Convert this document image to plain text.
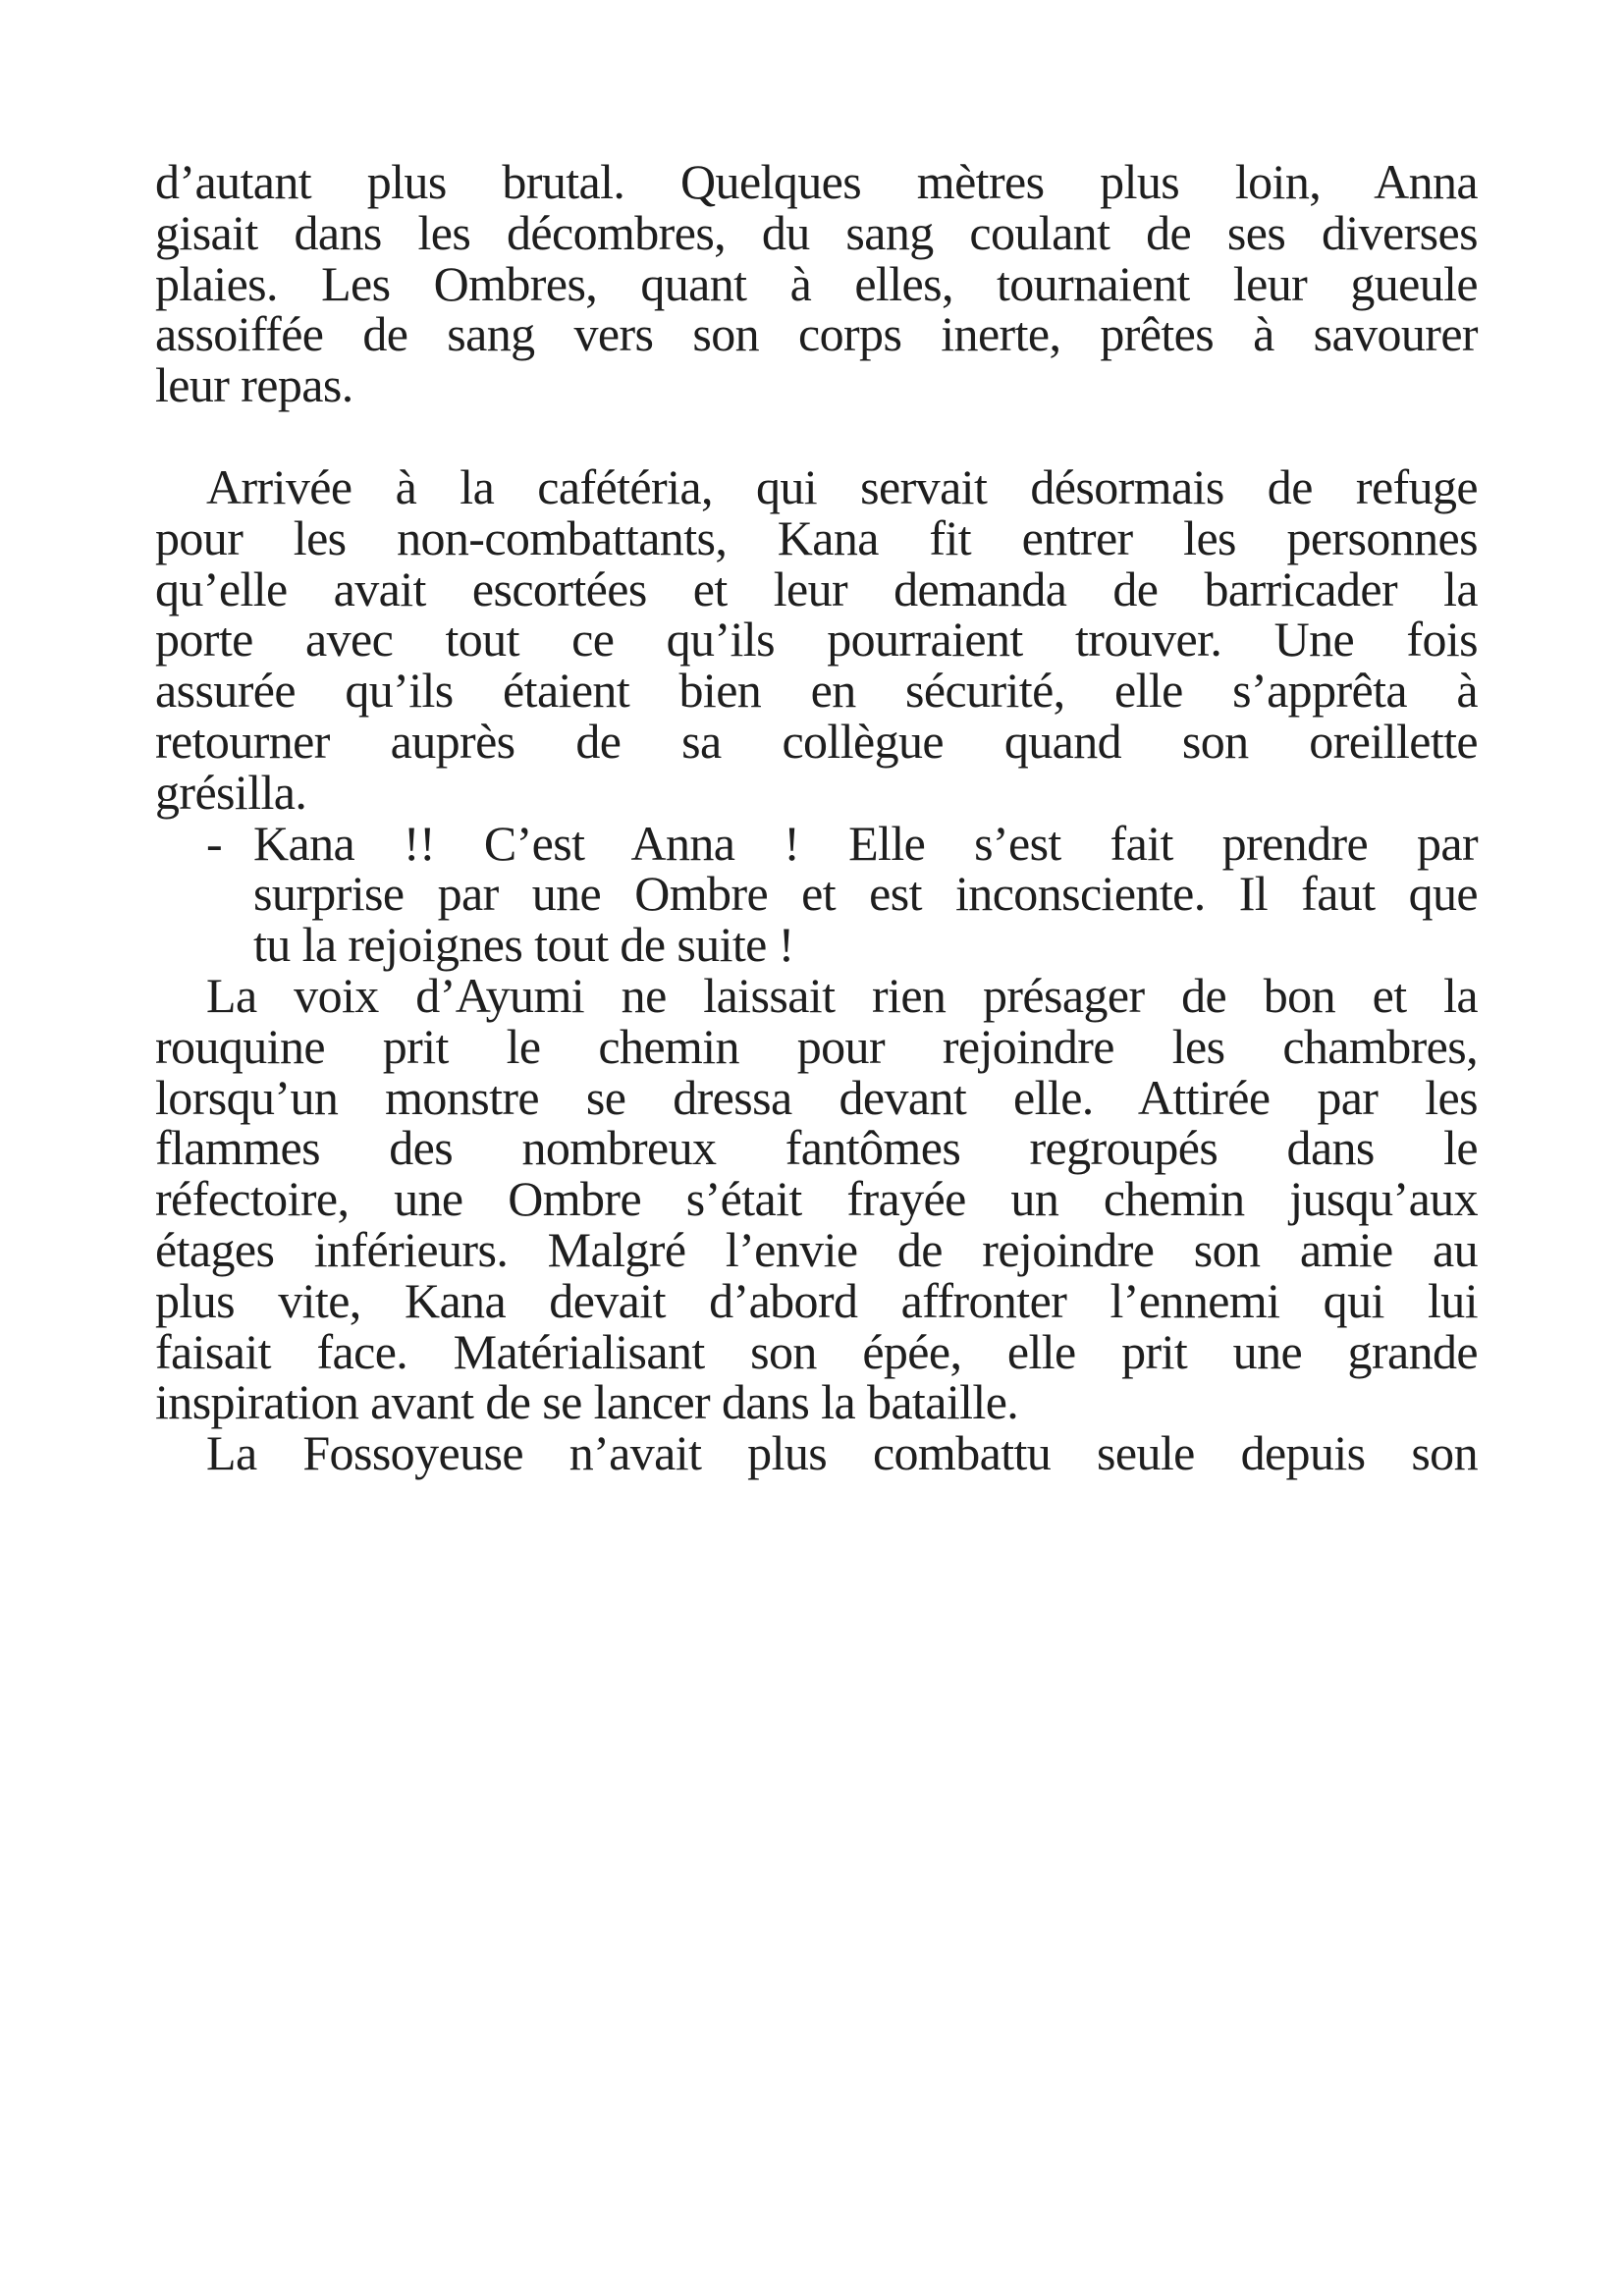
d’autant plus brutal. Quelques mètres plus loin, Anna
gisait dans les décombres, du sang coulant de ses diverses
plaies. Les Ombres, quant à elles, tournaient leur gueule
assoiffée de sang vers son corps inerte, prêtes à savourer
leur repas.
Arrivée à la cafétéria, qui servait désormais de refuge
pour les non-combattants, Kana fit entrer les personnes
qu’elle avait escortées et leur demanda de barricader la
porte avec tout ce qu’ils pourraient trouver. Une fois
assurée qu’ils étaient bien en sécurité, elle s’apprêta à
retourner auprès de sa collègue quand son oreillette
grésilla.
- Kana !! C’est Anna ! Elle s’est fait prendre par
surprise par une Ombre et est inconsciente. Il faut que
tu la rejoignes tout de suite !
La voix d’Ayumi ne laissait rien présager de bon et la
rouquine prit le chemin pour rejoindre les chambres,
lorsqu’un monstre se dressa devant elle. Attirée par les
flammes des nombreux fantômes regroupés dans le
réfectoire, une Ombre s’était frayée un chemin jusqu’aux
étages inférieurs. Malgré l’envie de rejoindre son amie au
plus vite, Kana devait d’abord affronter l’ennemi qui lui
faisait face. Matérialisant son épée, elle prit une grande
inspiration avant de se lancer dans la bataille.
La Fossoyeuse n’avait plus combattu seule depuis son
